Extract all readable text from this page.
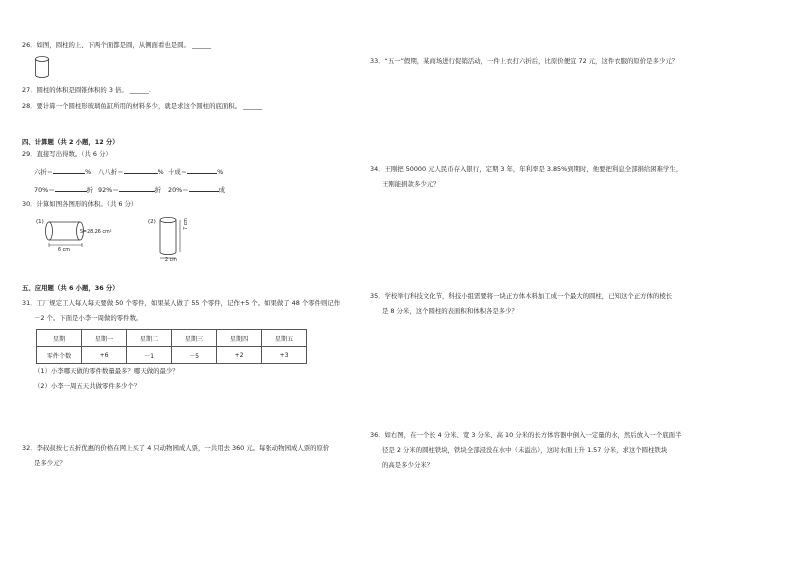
26．如图，圆柱的上、下两个面都是圆，从侧面看也是圆。 ______
27．圆柱的体积是圆锥体积的 3 倍。 ______.
28．要计算一个圆柱形玻璃鱼缸所用的材料多少，就是求这个圆柱的底面积。 ______
四、计算题（共 2 小题，12 分）
29．直接写出得数。（共 6 分）
六折＝	% 八八折＝	% 十成＝	%
70%＝	折 92%＝	折 20%＝	成
30．计算如图各图形的体积。（共 6 分）
(1)
S=28.26 cm²
6 cm
(2)	7 cm
2 cm
五、应用题（共 6 小题，36 分）
31．工厂规定工人每人每天要做 50 个零件，如果某人做了 55 个零件，记作+5 个。如果做了 48 个零件则记作
－2 个。下面是小李一周做的零件数。
星期	星期一	星期二	星期三	星期四	星期五
零件个数	+6	－1	－5	+2	+3
（1）小李哪天做的零件数量最多？哪天做的最少？
（2）小李一周五天共做零件多少个？
32．李叔叔按七五折优惠的价格在网上买了 4 只动物园成人票，一共用去 360 元。每张动物园成人票的原价
是多少元？
33．“五一”假期，某商场进行促销活动，一件上衣打六折后，比原价便宜 72 元，这件衣服的原价是多少元？
34．王刚把 50000 元人民币存入银行，定期 3 年，年利率是 3.85%到期时，他要把利息全部捐给困难学生，
王刚能捐款多少元？
35．学校举行科技文化节，科技小组需要将一块正方体木料加工成一个最大的圆柱，已知这个正方体的棱长
是 8 分米，这个圆柱的表面积和体积各是多少？
36．如右图，在一个长 4 分米、宽 3 分米、高 10 分米的长方体容器中倒入一定量的水，然后放入一个底面半
径是 2 分米的圆柱铁块，铁块全部浸没在水中（未溢出），这时水面上升 1.57 分米，求这个圆柱铁块
的高是多少分米？
